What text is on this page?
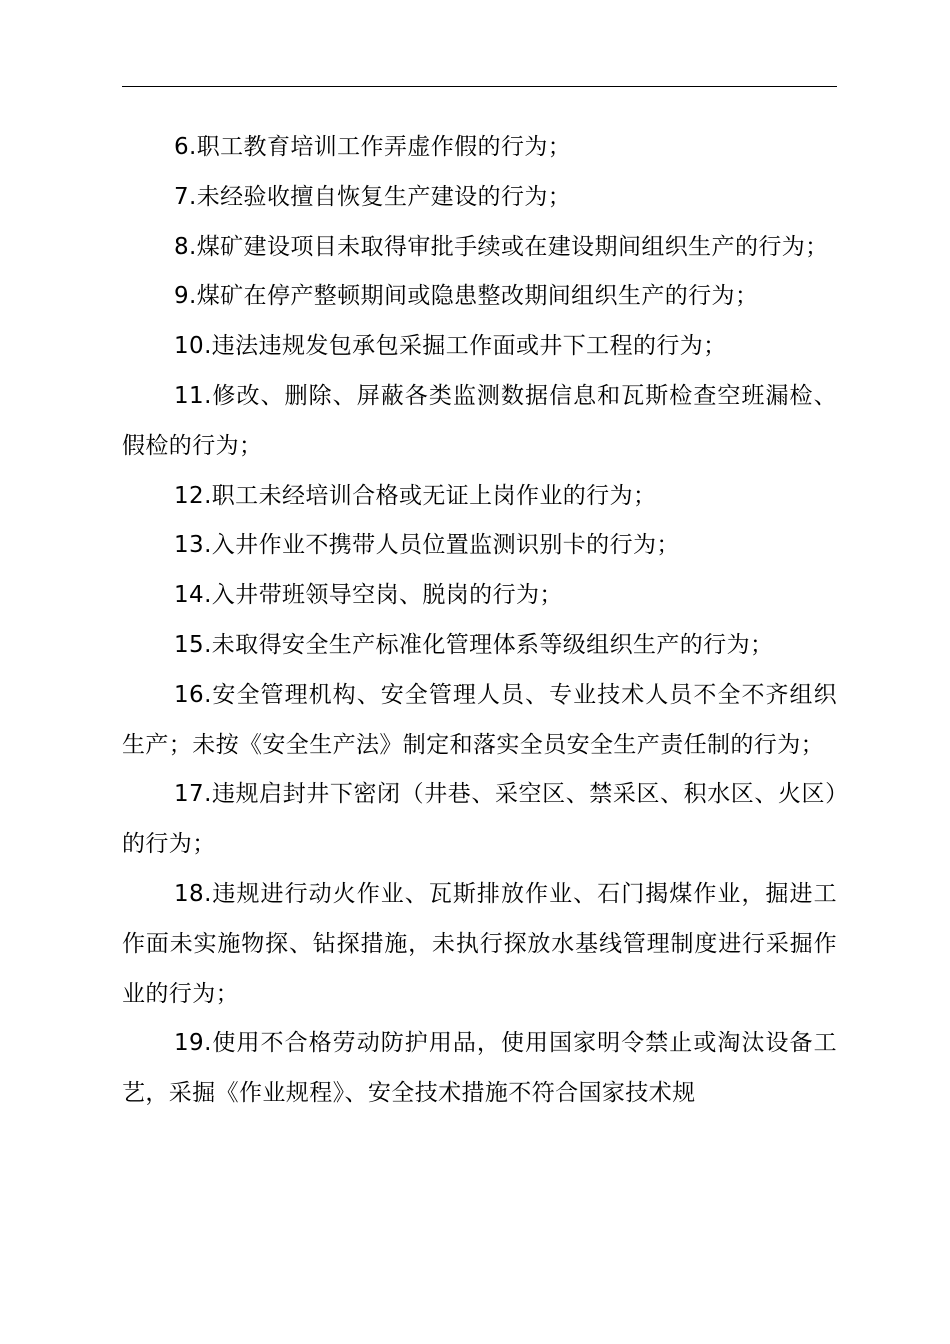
6.职工教育培训工作弄虚作假的行为；

7.未经验收擅自恢复生产建设的行为；

8.煤矿建设项目未取得审批手续或在建设期间组织生产的行为；

9.煤矿在停产整顿期间或隐患整改期间组织生产的行为；

10.违法违规发包承包采掘工作面或井下工程的行为；

11.修改、删除、屏蔽各类监测数据信息和瓦斯检查空班漏检、假检的行为；

12.职工未经培训合格或无证上岗作业的行为；

13.入井作业不携带人员位置监测识别卡的行为；

14.入井带班领导空岗、脱岗的行为；

15.未取得安全生产标准化管理体系等级组织生产的行为；

16.安全管理机构、安全管理人员、专业技术人员不全不齐组织生产；未按《安全生产法》制定和落实全员安全生产责任制的行为；

17.违规启封井下密闭（井巷、采空区、禁采区、积水区、火区）的行为；

18.违规进行动火作业、瓦斯排放作业、石门揭煤作业，掘进工作面未实施物探、钻探措施，未执行探放水基线管理制度进行采掘作业的行为；

19.使用不合格劳动防护用品，使用国家明令禁止或淘汰设备工艺，采掘《作业规程》、安全技术措施不符合国家技术规
